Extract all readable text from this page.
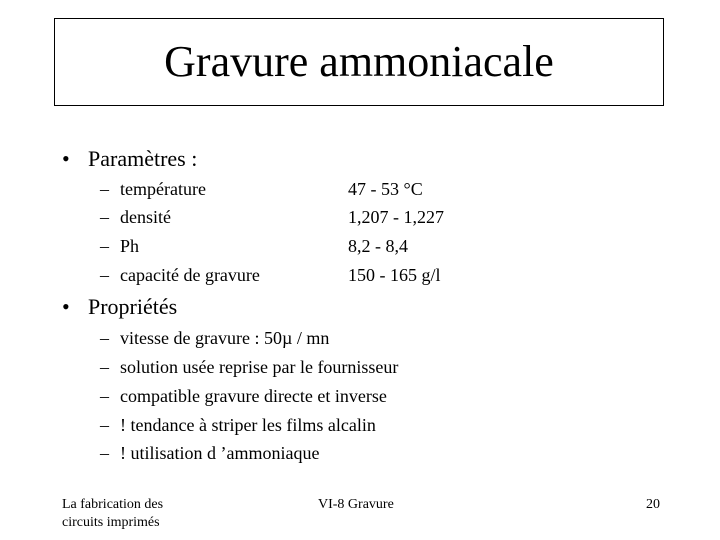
Gravure ammoniacale
• Paramètres :
– température	47 - 53 °C
– densité	1,207 - 1,227
– Ph	8,2 - 8,4
– capacité de gravure	150 - 165 g/l
• Propriétés
– vitesse de gravure : 50µ / mn
– solution usée reprise par le fournisseur
– compatible gravure directe et inverse
– ! tendance à striper les films alcalin
– ! utilisation d ’ammoniaque
La fabrication des circuits imprimés
VI-8 Gravure	20
